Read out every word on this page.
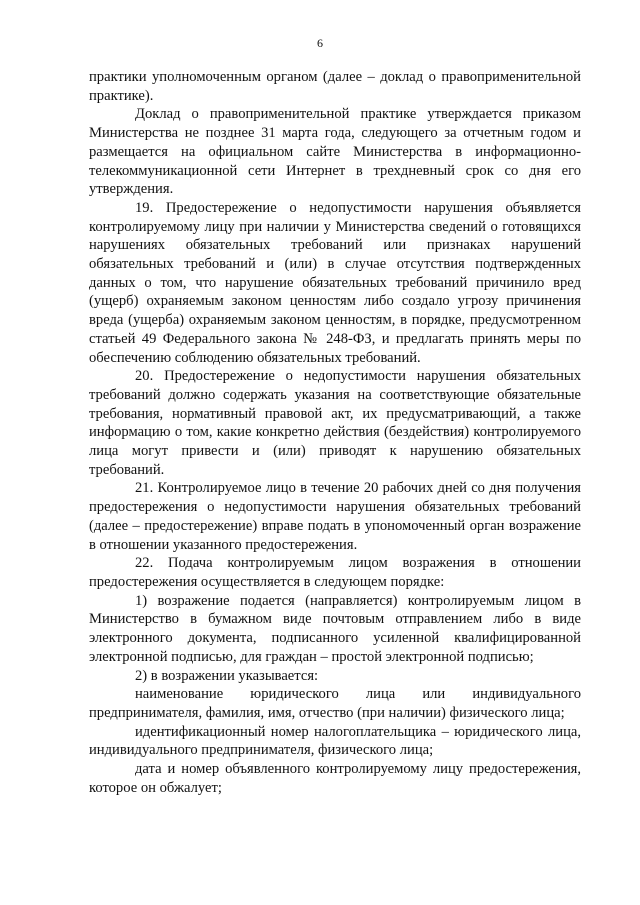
6

практики уполномоченным органом (далее – доклад о правоприменительной практике).

Доклад о правоприменительной практике утверждается приказом Министерства не позднее 31 марта года, следующего за отчетным годом и размещается на официальном сайте Министерства в информационно-телекоммуникационной сети Интернет в трехдневный срок со дня его утверждения.

19. Предостережение о недопустимости нарушения объявляется контролируемому лицу при наличии у Министерства сведений о готовящихся нарушениях обязательных требований или признаках нарушений обязательных требований и (или) в случае отсутствия подтвержденных данных о том, что нарушение обязательных требований причинило вред (ущерб) охраняемым законом ценностям либо создало угрозу причинения вреда (ущерба) охраняемым законом ценностям, в порядке, предусмотренном статьей 49 Федерального закона № 248-ФЗ, и предлагать принять меры по обеспечению соблюдению обязательных требований.

20. Предостережение о недопустимости нарушения обязательных требований должно содержать указания на соответствующие обязательные требования, нормативный правовой акт, их предусматривающий, а также информацию о том, какие конкретно действия (бездействия) контролируемого лица могут привести и (или) приводят к нарушению обязательных требований.

21. Контролируемое лицо в течение 20 рабочих дней со дня получения предостережения о недопустимости нарушения обязательных требований (далее – предостережение) вправе подать в упономоченный орган возражение в отношении указанного предостережения.

22. Подача контролируемым лицом возражения в отношении предостережения осуществляется в следующем порядке:

1) возражение подается (направляется) контролируемым лицом в Министерство в бумажном виде почтовым отправлением либо в виде электронного документа, подписанного усиленной квалифицированной электронной подписью, для граждан – простой электронной подписью;

2) в возражении указывается:

наименование юридического лица или индивидуального предпринимателя, фамилия, имя, отчество (при наличии) физического лица;

идентификационный номер налогоплательщика – юридического лица, индивидуального предпринимателя, физического лица;

дата и номер объявленного контролируемому лицу предостережения, которое он обжалует;
